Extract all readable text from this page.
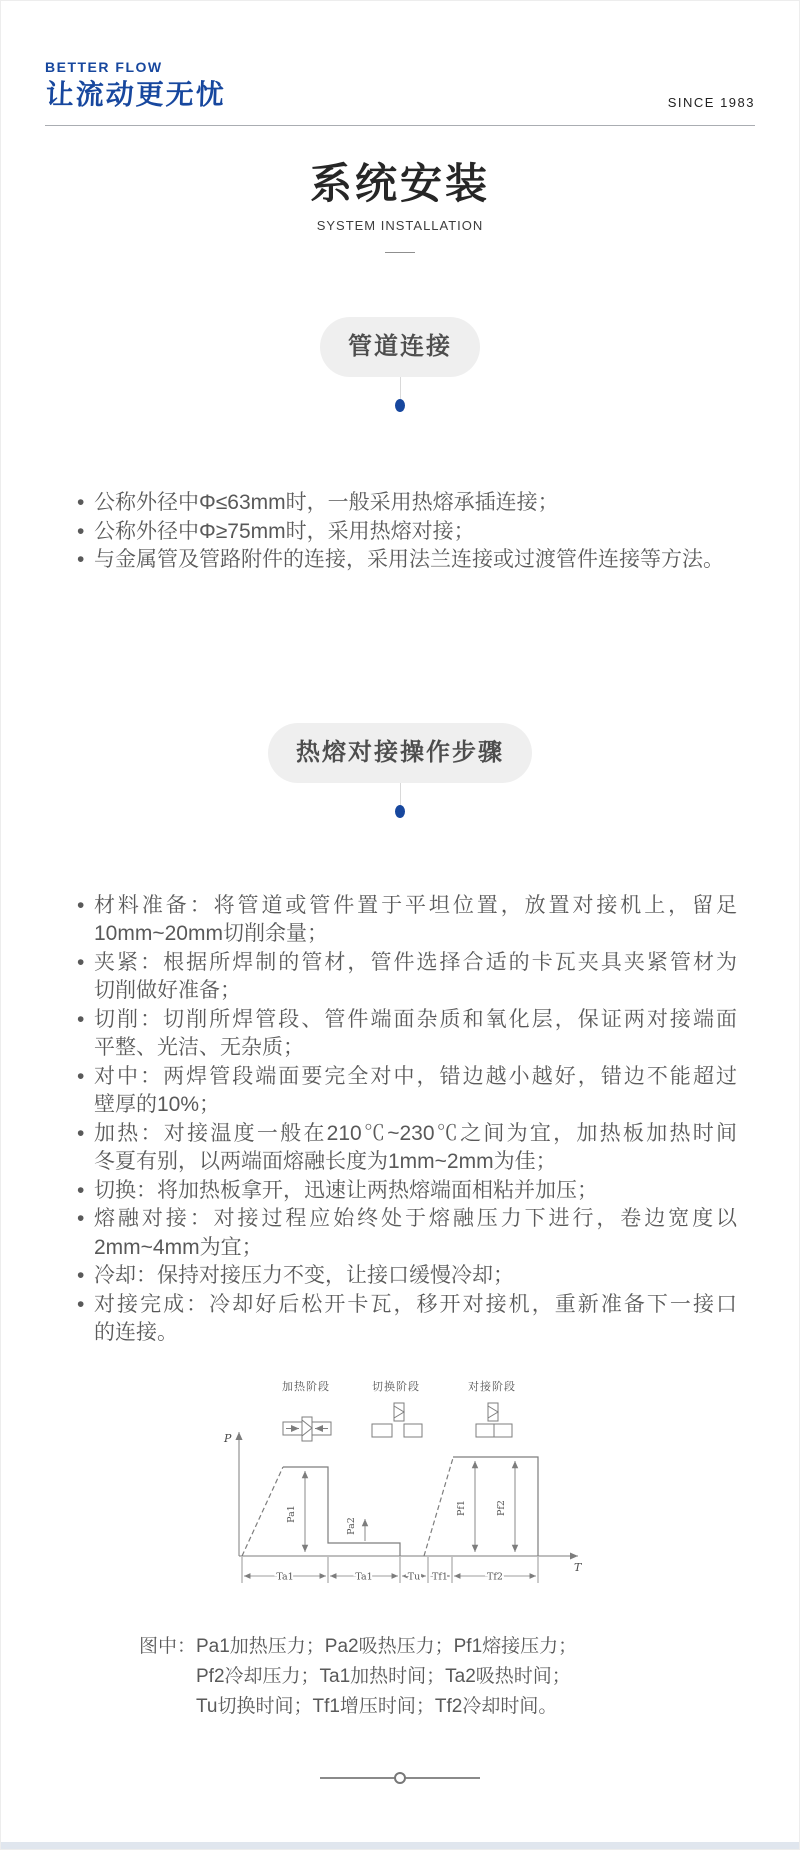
BETTER FLOW
让流动更无忧	SINCE 1983
系统安装
SYSTEM INSTALLATION
管道连接
• 公称外径中Φ≤63mm时，一般采用热熔承插连接；
• 公称外径中Φ≥75mm时，采用热熔对接；
• 与金属管及管路附件的连接，采用法兰连接或过渡管件连接等方法。
热熔对接操作步骤
• 材料准备：将管道或管件置于平坦位置，放置对接机上，留足
10mm~20mm切削余量；
• 夹紧：根据所焊制的管材，管件选择合适的卡瓦夹具夹紧管材为
切削做好准备；
• 切削：切削所焊管段、管件端面杂质和氧化层，保证两对接端面
平整、光洁、无杂质；
• 对中：两焊管段端面要完全对中，错边越小越好，错边不能超过
壁厚的10%；
• 加热：对接温度一般在210℃~230℃之间为宜，加热板加热时间
冬夏有别，以两端面熔融长度为1mm~2mm为佳；
• 切换：将加热板拿开，迅速让两热熔端面相粘并加压；
• 熔融对接：对接过程应始终处于熔融压力下进行，卷边宽度以
2mm~4mm为宜；
• 冷却：保持对接压力不变，让接口缓慢冷却；
• 对接完成：冷却好后松开卡瓦，移开对接机，重新准备下一接口
的连接。
加热阶段	切换阶段	对接阶段
P
T
Pa1
Pa2
Pf1	Pf2
Ta1	Ta1	Tu Tf1	Tf2
图中：Pa1加热压力；Pa2吸热压力；Pf1熔接压力；
Pf2冷却压力；Ta1加热时间；Ta2吸热时间；
Tu切换时间；Tf1增压时间；Tf2冷却时间。
